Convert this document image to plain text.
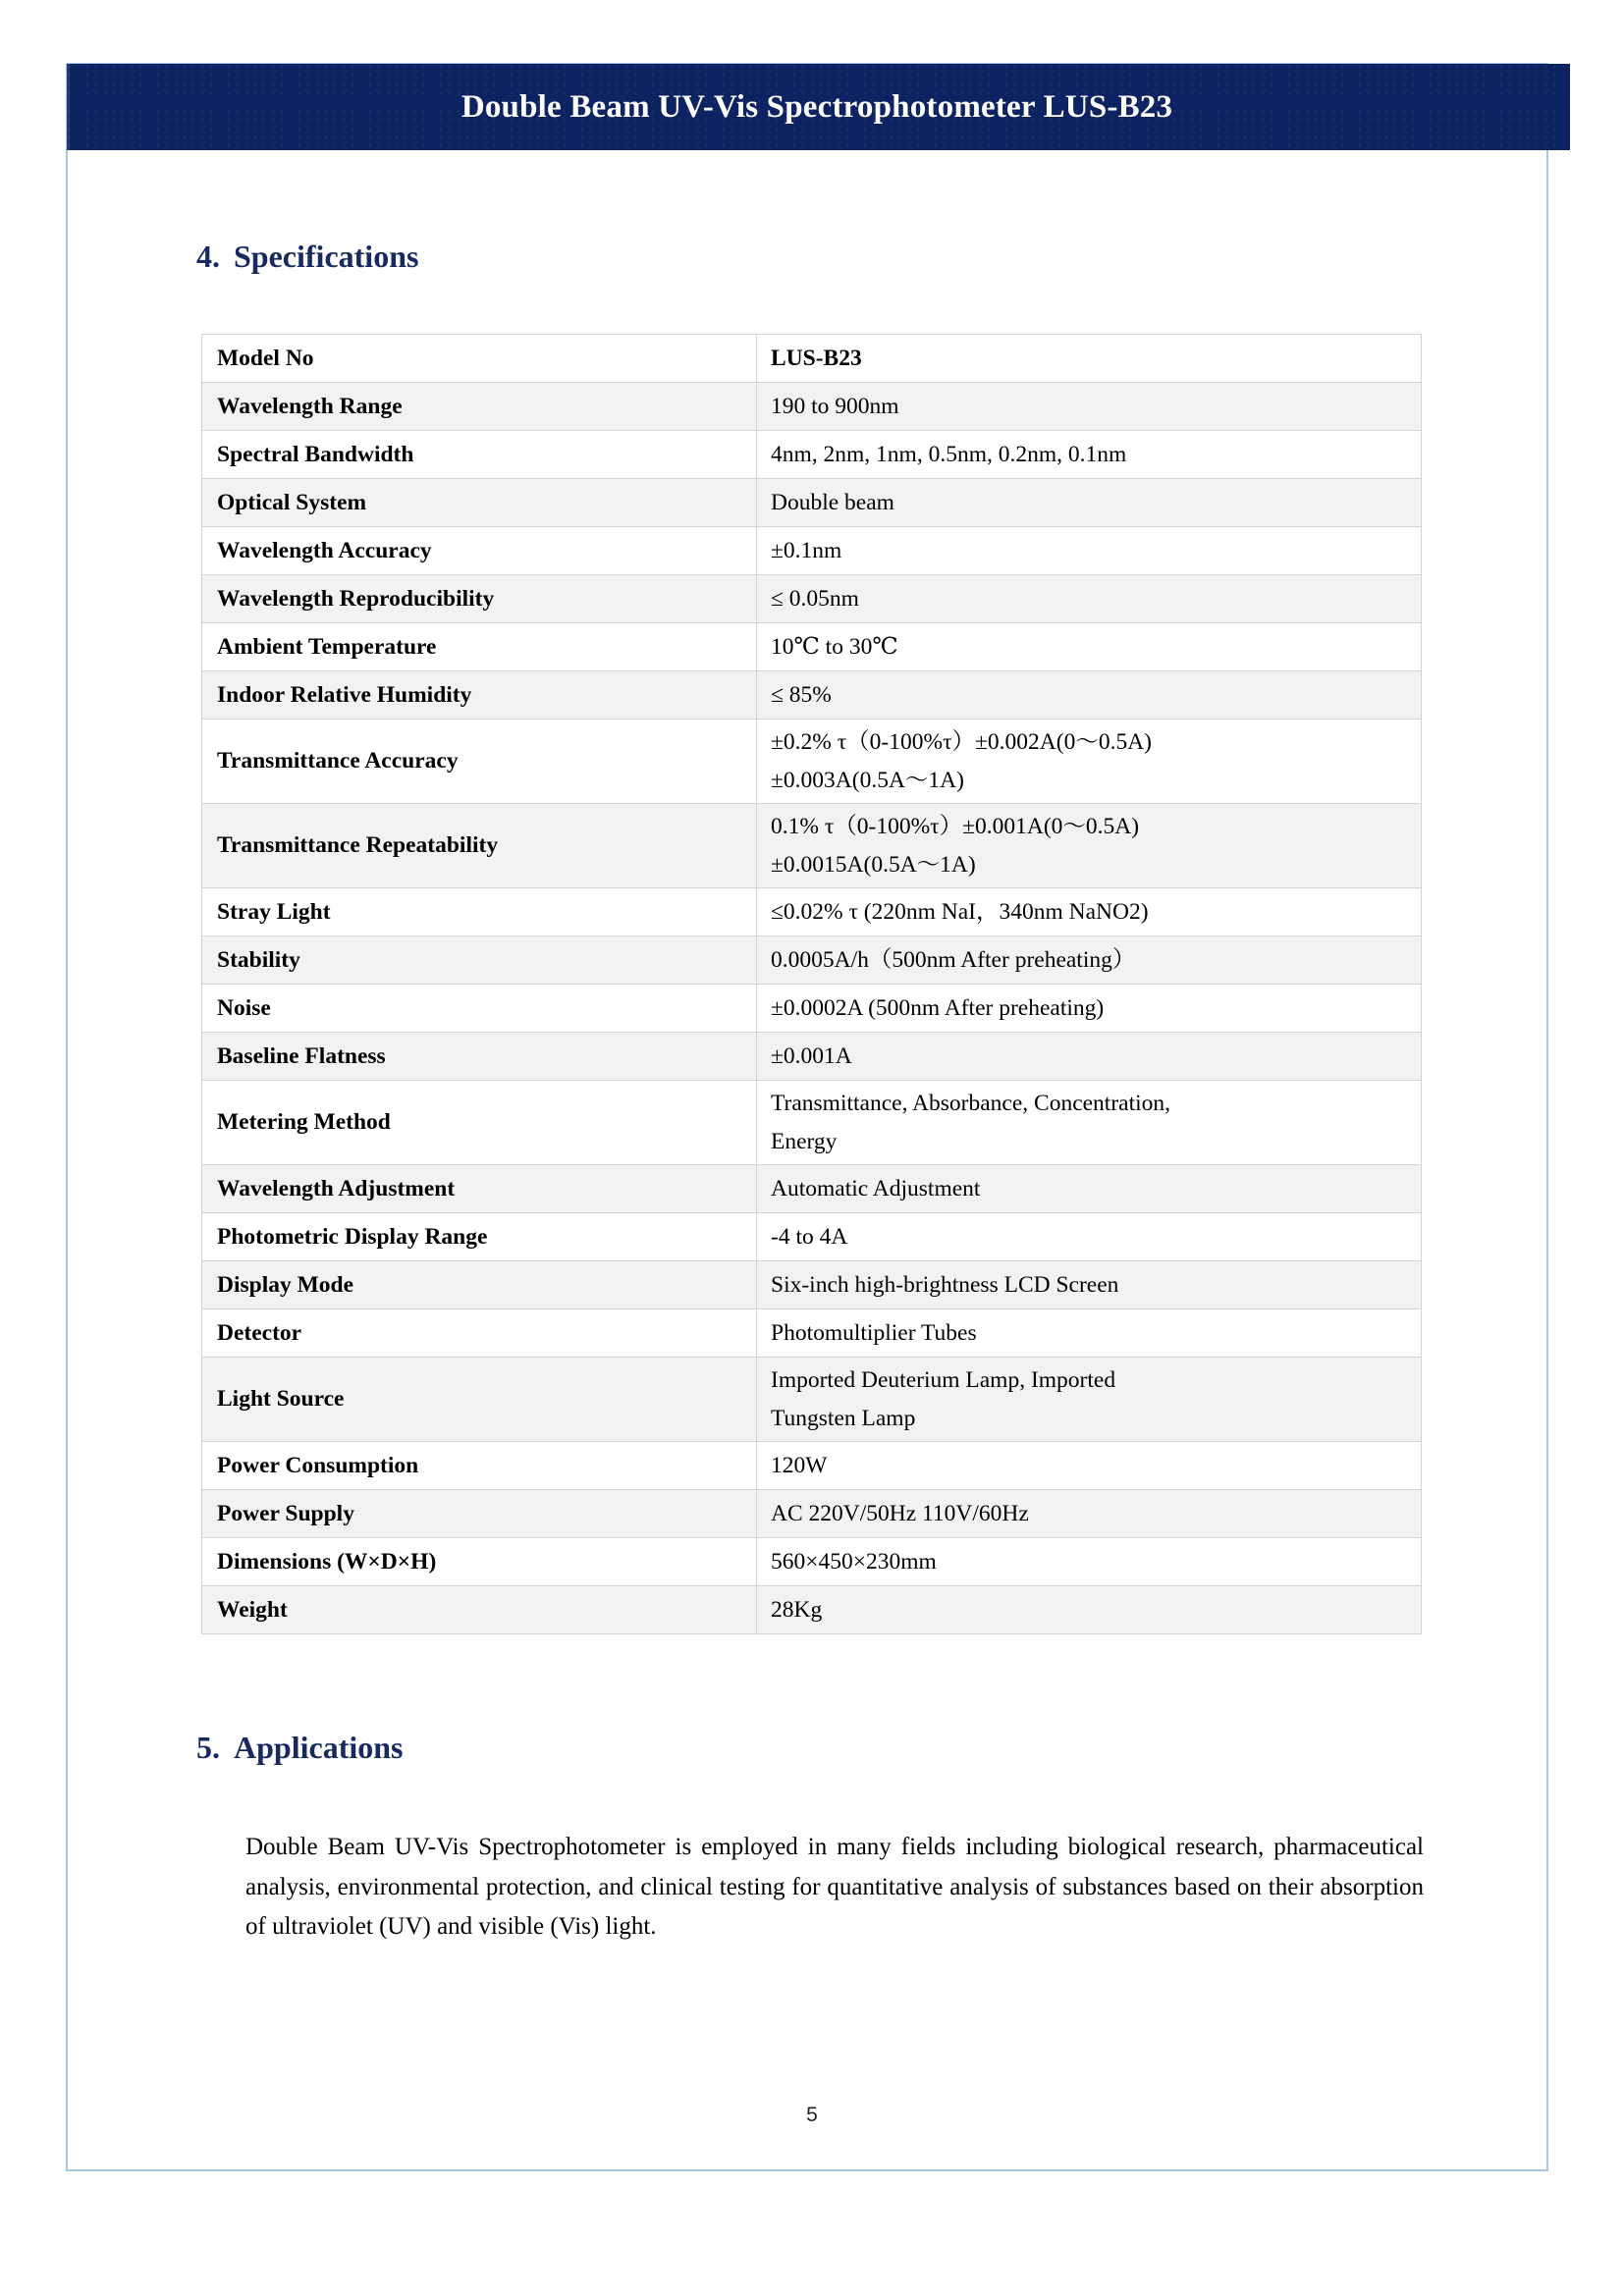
Double Beam UV-Vis Spectrophotometer LUS-B23
4. Specifications
Model No	LUS-B23

Wavelength Range	190 to 900nm

Spectral Bandwidth	4nm, 2nm, 1nm, 0.5nm, 0.2nm, 0.1nm

Optical System	Double beam

Wavelength Accuracy	±0.1nm

Wavelength Reproducibility	≤ 0.05nm

Ambient Temperature	10℃ to 30℃

Indoor Relative Humidity	≤ 85%

Transmittance Accuracy	±0.2% τ（0-100%τ）±0.002A(0～0.5A)
±0.003A(0.5A～1A)

Transmittance Repeatability	0.1% τ（0-100%τ）±0.001A(0～0.5A)
±0.0015A(0.5A～1A)

Stray Light	≤0.02% τ (220nm NaI，340nm NaNO2)

Stability	0.0005A/h（500nm After preheating）

Noise	±0.0002A (500nm After preheating)

Baseline Flatness	±0.001A

Metering Method	Transmittance, Absorbance, Concentration,
Energy

Wavelength Adjustment	Automatic Adjustment

Photometric Display Range	-4 to 4A

Display Mode	Six-inch high-brightness LCD Screen

Detector	Photomultiplier Tubes

Light Source	Imported Deuterium Lamp, Imported
Tungsten Lamp

Power Consumption	120W

Power Supply	AC 220V/50Hz 110V/60Hz

Dimensions (W×D×H)	560×450×230mm

Weight	28Kg
5. Applications
Double Beam UV-Vis Spectrophotometer is employed in many fields including biological research, pharmaceutical analysis, environmental protection, and clinical testing for quantitative analysis of substances based on their absorption of ultraviolet (UV) and visible (Vis) light.
5
